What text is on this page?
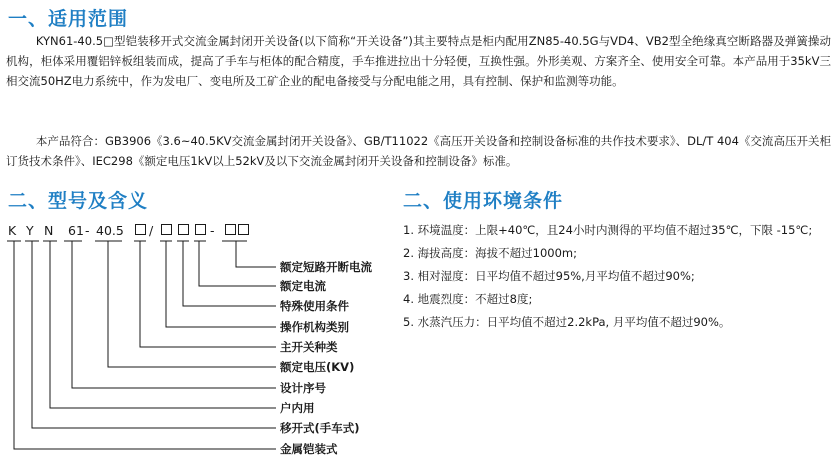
一、适用范围

KYN61-40.5□型铠装移开式交流金属封闭开关设备(以下简称“开关设备”)其主要特点是柜内配用ZN85-40.5G与VD4、VB2型全绝缘真空断路器及弹簧操动机构，柜体采用覆铝锌板组装而成，提高了手车与柜体的配合精度，手车推进拉出十分轻便，互换性强。外形美观、方案齐全、使用安全可靠。本产品用于35kV三相交流50HZ电力系统中，作为发电厂、变电所及工矿企业的配电备接受与分配电能之用，具有控制、保护和监测等功能。

本产品符合：GB3906《3.6~40.5KV交流金属封闭开关设备》、GB/T11022《高压开关设备和控制设备标准的共作技术要求》、DL/T 404《交流高压开关柜订货技术条件》、IEC298《额定电压1kV以上52kV及以下交流金属封闭开关设备和控制设备》标准。

二、型号及含义	二、使用环境条件
K Y N 61 - 40.5 /	-
额定短路开断电流
额定电流
特殊使用条件
操作机构类别
主开关种类
额定电压(KV)
设计序号
户内用
移开式(手车式)
金属铠装式
1. 环境温度：上限+40℃，且24小时内测得的平均值不超过35℃，下限 -15℃;
2. 海拔高度：海拔不超过1000m;
3. 相对湿度：日平均值不超过95%,月平均值不超过90%;
4. 地震烈度：不超过8度;
5. 水蒸汽压力：日平均值不超过2.2kPa, 月平均值不超过90%。
